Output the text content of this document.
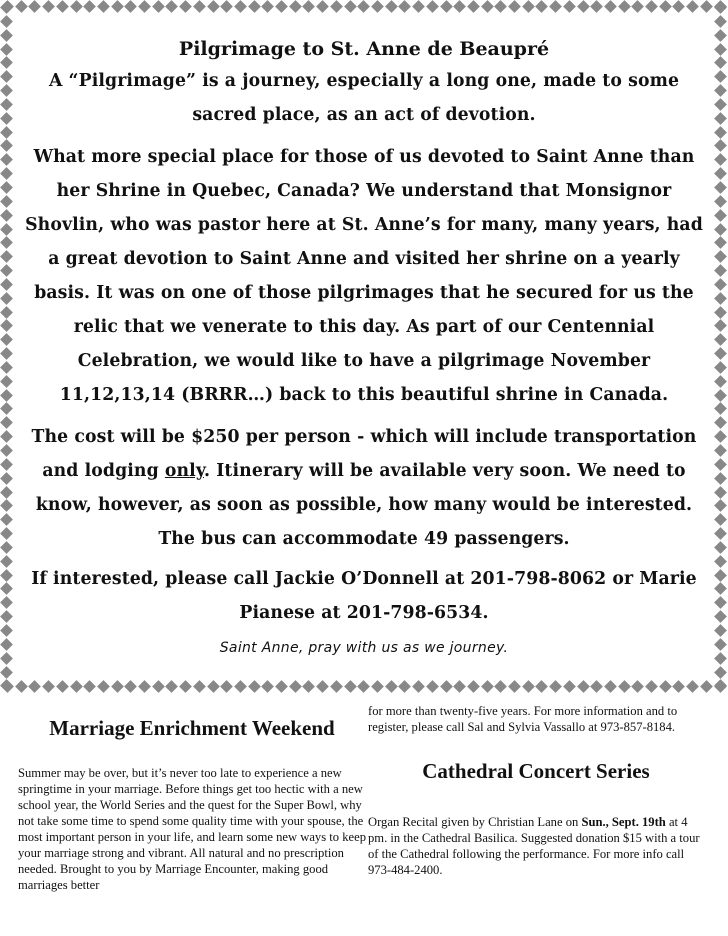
Pilgrimage to St. Anne de Beaupré

A “Pilgrimage” is a journey, especially a long one, made to some sacred place, as an act of devotion.

What more special place for those of us devoted to Saint Anne than her Shrine in Quebec, Canada? We understand that Monsignor Shovlin, who was pastor here at St. Anne’s for many, many years, had a great devotion to Saint Anne and visited her shrine on a yearly basis. It was on one of those pilgrimages that he secured for us the relic that we venerate to this day. As part of our Centennial Celebration, we would like to have a pilgrimage November 11,12,13,14 (BRRR…) back to this beautiful shrine in Canada.

The cost will be $250 per person - which will include transportation and lodging only. Itinerary will be available very soon. We need to know, however, as soon as possible, how many would be interested. The bus can accommodate 49 passengers.

If interested, please call Jackie O’Donnell at 201-798-8062 or Marie Pianese at 201-798-6534.

Saint Anne, pray with us as we journey.
Marriage Enrichment Weekend

Summer may be over, but it’s never too late to experience a new springtime in your marriage. Before things get too hectic with a new school year, the World Series and the quest for the Super Bowl, why not take some time to spend some quality time with your spouse, the most important person in your life, and learn some new ways to keep your marriage strong and vibrant. All natural and no prescription needed. Brought to you by Marriage Encounter, making good marriages better

for more than twenty-five years. For more information and to register, please call Sal and Sylvia Vassallo at 973-857-8184.

Cathedral Concert Series

Organ Recital given by Christian Lane on Sun., Sept. 19th at 4 pm. in the Cathedral Basilica. Suggested donation $15 with a tour of the Cathedral following the performance. For more info call 973-484-2400.
